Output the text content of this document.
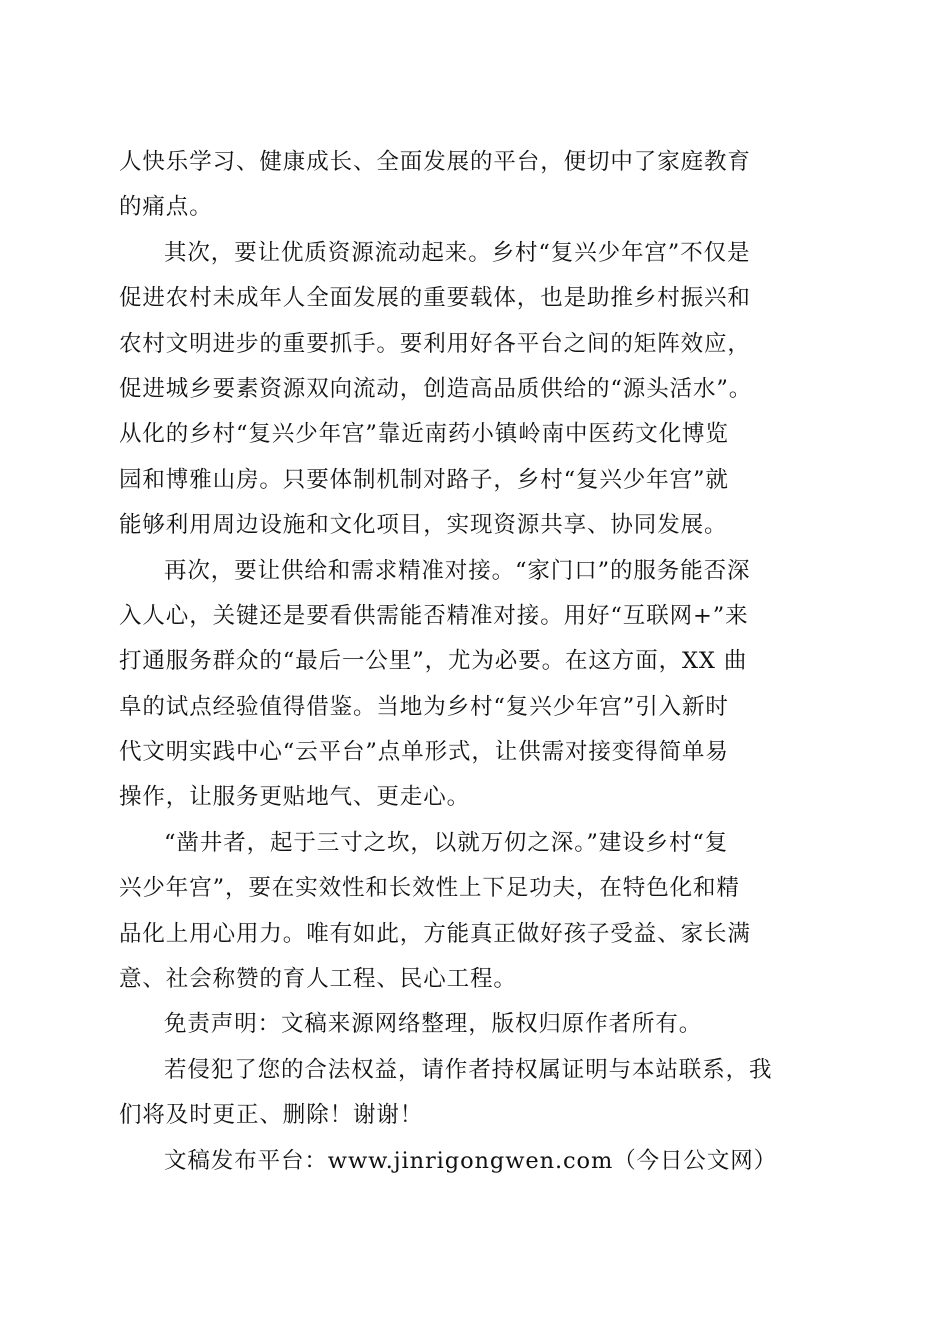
人快乐学习、健康成长、全面发展的平台，便切中了家庭教育
的痛点。

其次，要让优质资源流动起来。乡村“复兴少年宫”不仅是
促进农村未成年人全面发展的重要载体，也是助推乡村振兴和
农村文明进步的重要抓手。要利用好各平台之间的矩阵效应，
促进城乡要素资源双向流动，创造高品质供给的“源头活水”。
从化的乡村“复兴少年宫”靠近南药小镇岭南中医药文化博览
园和博雅山房。只要体制机制对路子，乡村“复兴少年宫”就
能够利用周边设施和文化项目，实现资源共享、协同发展。

再次，要让供给和需求精准对接。“家门口”的服务能否深
入人心，关键还是要看供需能否精准对接。用好“互联网+”来
打通服务群众的“最后一公里”，尤为必要。在这方面，XX 曲
阜的试点经验值得借鉴。当地为乡村“复兴少年宫”引入新时
代文明实践中心“云平台”点单形式，让供需对接变得简单易
操作，让服务更贴地气、更走心。

“凿井者，起于三寸之坎，以就万仞之深。”建设乡村“复
兴少年宫”，要在实效性和长效性上下足功夫，在特色化和精
品化上用心用力。唯有如此，方能真正做好孩子受益、家长满
意、社会称赞的育人工程、民心工程。

免责声明：文稿来源网络整理，版权归原作者所有。

若侵犯了您的合法权益，请作者持权属证明与本站联系，我
们将及时更正、删除！谢谢！

文稿发布平台：www.jinrigongwen.com（今日公文网）
